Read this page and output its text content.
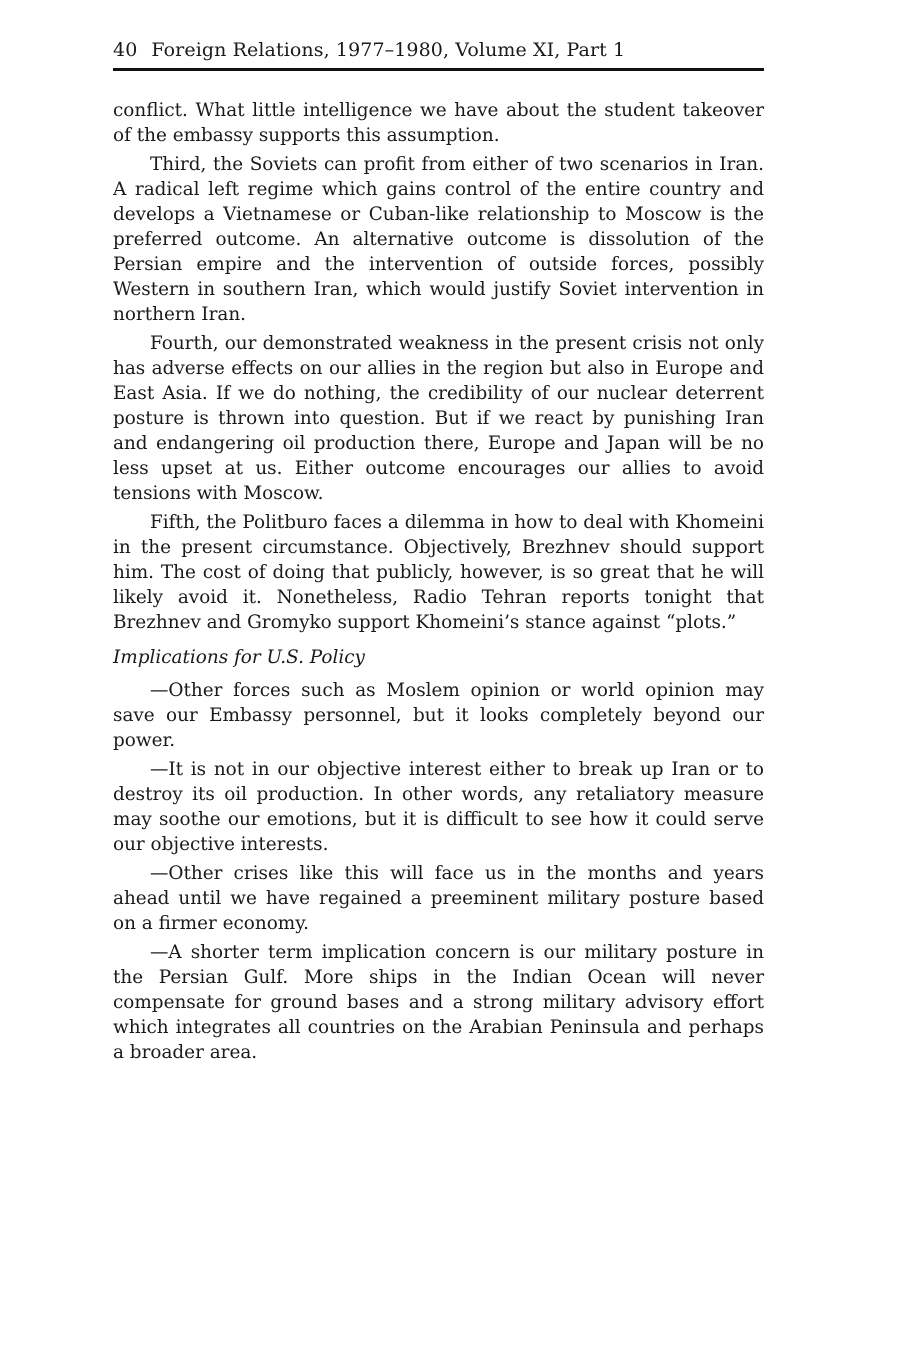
40 Foreign Relations, 1977–1980, Volume XI, Part 1

conflict. What little intelligence we have about the student takeover of the embassy supports this assumption.

Third, the Soviets can profit from either of two scenarios in Iran. A radical left regime which gains control of the entire country and develops a Vietnamese or Cuban-like relationship to Moscow is the preferred outcome. An alternative outcome is dissolution of the Persian empire and the intervention of outside forces, possibly Western in southern Iran, which would justify Soviet intervention in northern Iran.

Fourth, our demonstrated weakness in the present crisis not only has adverse effects on our allies in the region but also in Europe and East Asia. If we do nothing, the credibility of our nuclear deterrent posture is thrown into question. But if we react by punishing Iran and endangering oil production there, Europe and Japan will be no less upset at us. Either outcome encourages our allies to avoid tensions with Moscow.

Fifth, the Politburo faces a dilemma in how to deal with Khomeini in the present circumstance. Objectively, Brezhnev should support him. The cost of doing that publicly, however, is so great that he will likely avoid it. Nonetheless, Radio Tehran reports tonight that Brezhnev and Gromyko support Khomeini’s stance against “plots.”

Implications for U.S. Policy

—Other forces such as Moslem opinion or world opinion may save our Embassy personnel, but it looks completely beyond our power.

—It is not in our objective interest either to break up Iran or to destroy its oil production. In other words, any retaliatory measure may soothe our emotions, but it is difficult to see how it could serve our objective interests.

—Other crises like this will face us in the months and years ahead until we have regained a preeminent military posture based on a firmer economy.

—A shorter term implication concern is our military posture in the Persian Gulf. More ships in the Indian Ocean will never compensate for ground bases and a strong military advisory effort which integrates all countries on the Arabian Peninsula and perhaps a broader area.
